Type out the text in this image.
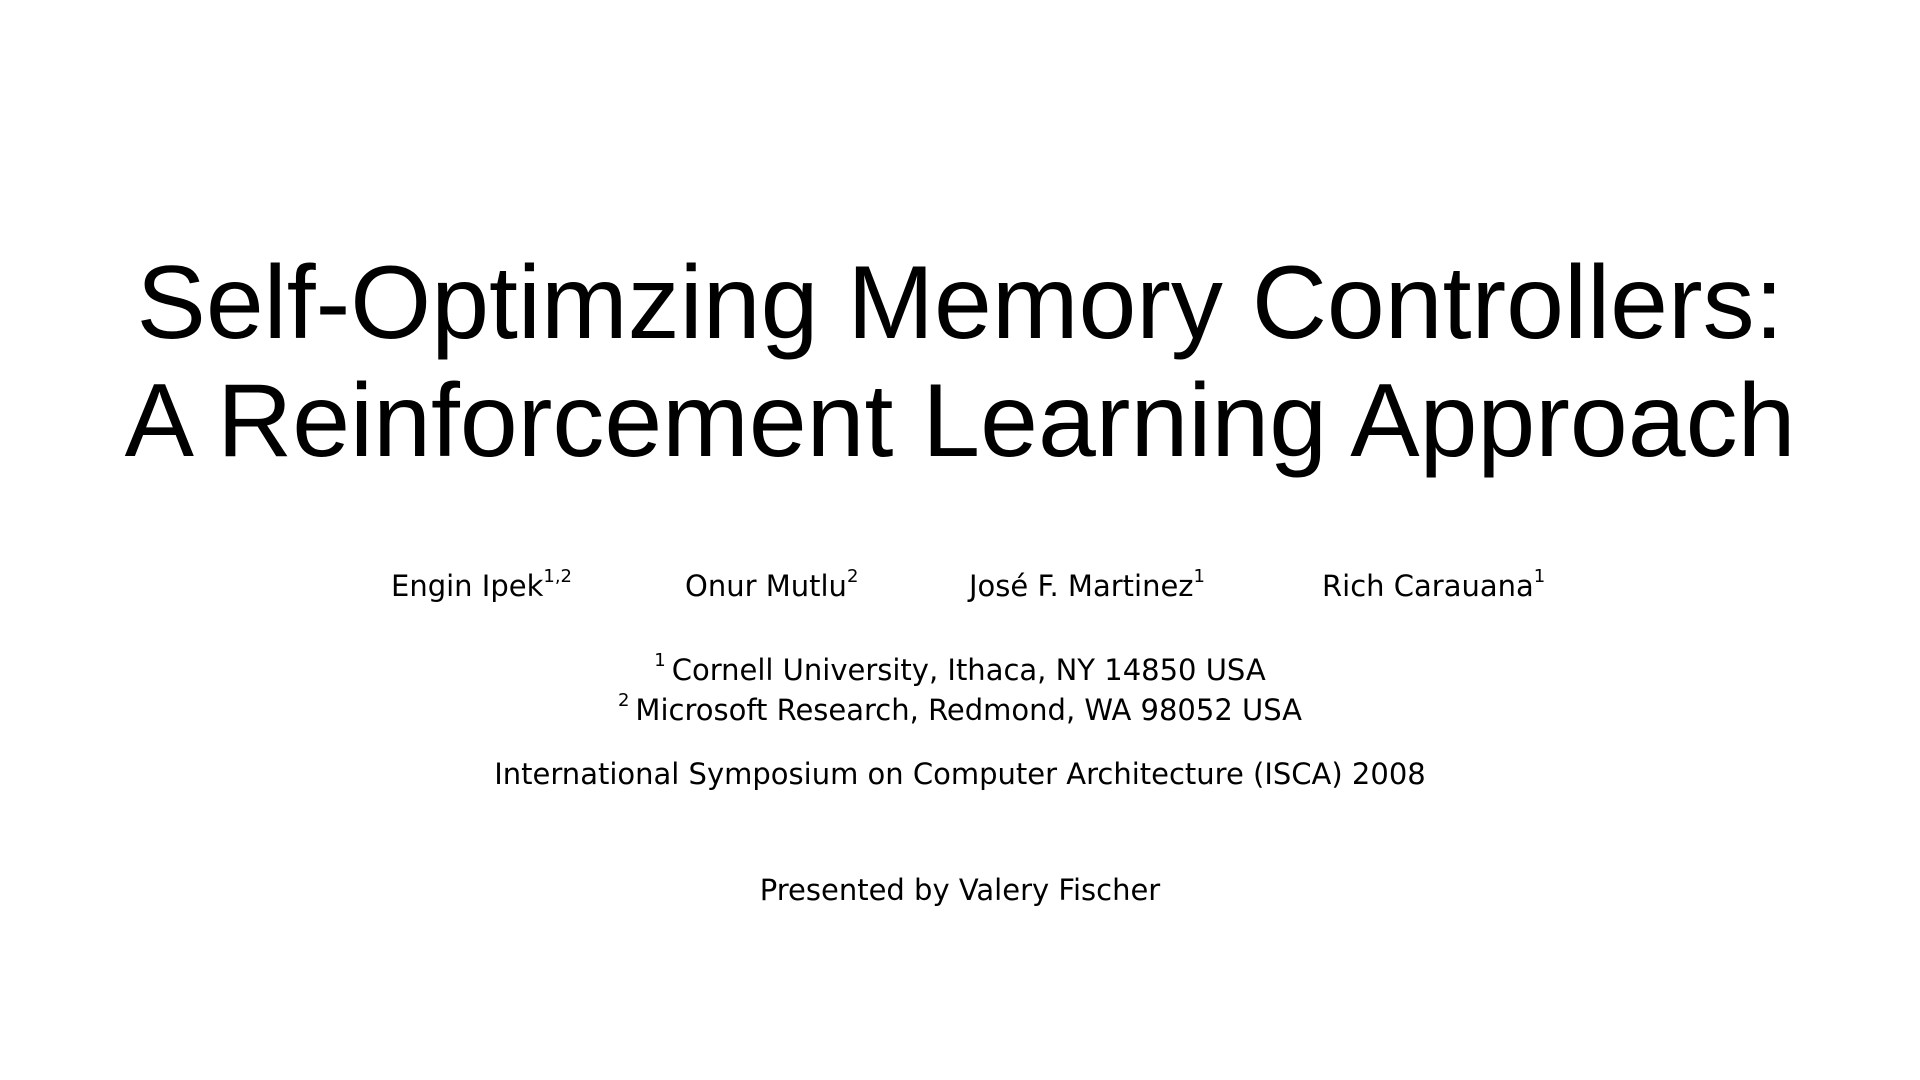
Self-Optimzing Memory Controllers:
A Reinforcement Learning Approach
Engin Ipek$^{1,2}$	Onur Mutlu$^2$	José F. Martinez$^1$	Rich Carauana$^1$
$^1$ Cornell University, Ithaca, NY 14850 USA
$^2$ Microsoft Research, Redmond, WA 98052 USA
International Symposium on Computer Architecture (ISCA) 2008
Presented by Valery Fischer
